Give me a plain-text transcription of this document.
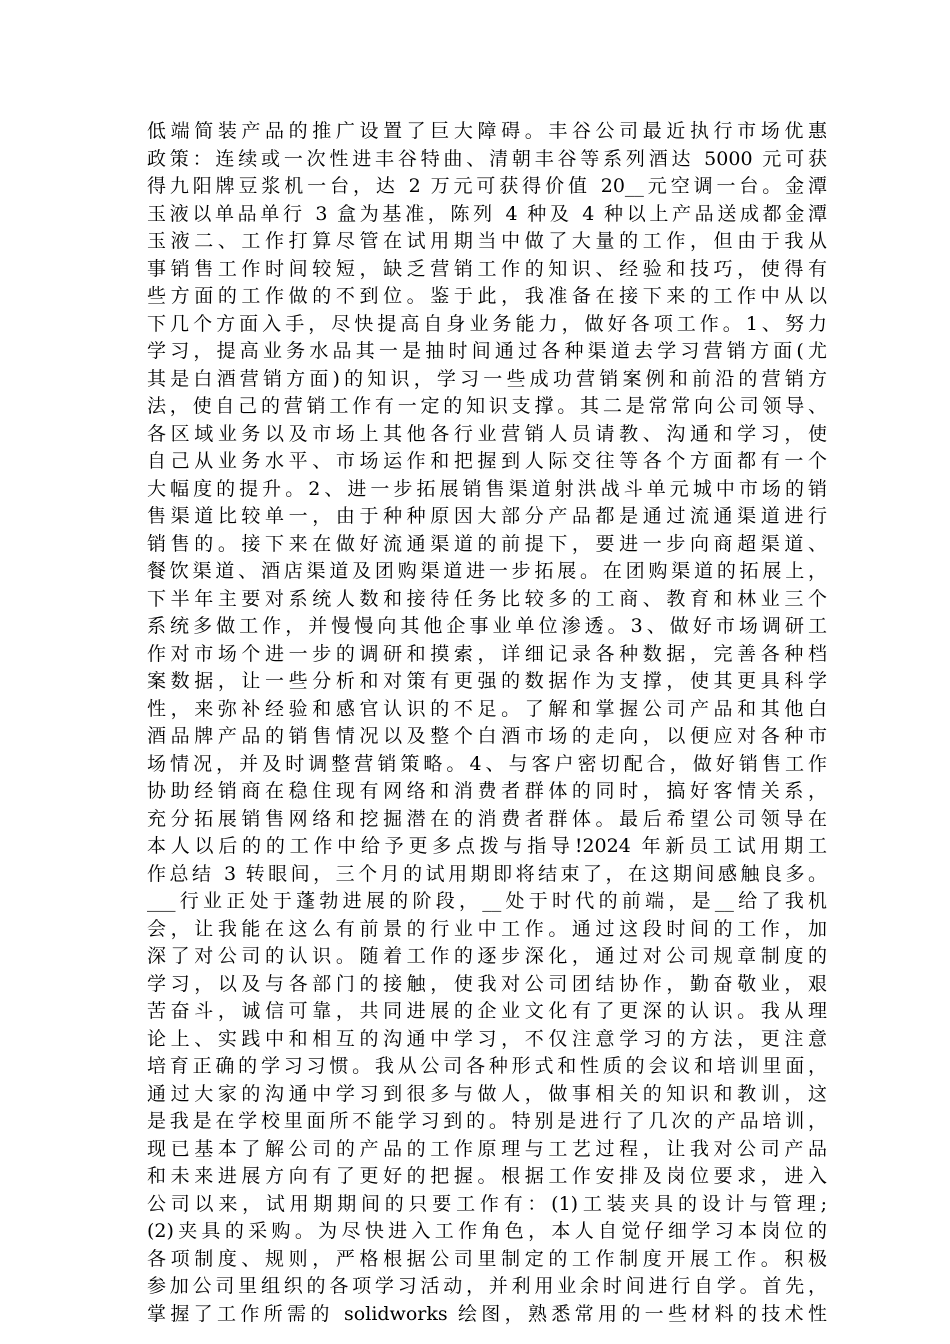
低端简装产品的推广设置了巨大障碍。丰谷公司最近执行市场优惠
政策：连续或一次性进丰谷特曲、清朝丰谷等系列酒达 5000 元可获
得九阳牌豆浆机一台，达 2 万元可获得价值 20__元空调一台。金潭
玉液以单品单行 3 盒为基准，陈列 4 种及 4 种以上产品送成都金潭
玉液二、工作打算尽管在试用期当中做了大量的工作，但由于我从
事销售工作时间较短，缺乏营销工作的知识、经验和技巧，使得有
些方面的工作做的不到位。鉴于此，我准备在接下来的工作中从以
下几个方面入手，尽快提高自身业务能力，做好各项工作。1、努力
学习，提高业务水品其一是抽时间通过各种渠道去学习营销方面(尤
其是白酒营销方面)的知识，学习一些成功营销案例和前沿的营销方
法，使自己的营销工作有一定的知识支撑。其二是常常向公司领导、
各区域业务以及市场上其他各行业营销人员请教、沟通和学习，使
自己从业务水平、市场运作和把握到人际交往等各个方面都有一个
大幅度的提升。2、进一步拓展销售渠道射洪战斗单元城中市场的销
售渠道比较单一，由于种种原因大部分产品都是通过流通渠道进行
销售的。接下来在做好流通渠道的前提下，要进一步向商超渠道、
餐饮渠道、酒店渠道及团购渠道进一步拓展。在团购渠道的拓展上，
下半年主要对系统人数和接待任务比较多的工商、教育和林业三个
系统多做工作，并慢慢向其他企事业单位渗透。3、做好市场调研工
作对市场个进一步的调研和摸索，详细记录各种数据，完善各种档
案数据，让一些分析和对策有更强的数据作为支撑，使其更具科学
性，来弥补经验和感官认识的不足。了解和掌握公司产品和其他白
酒品牌产品的销售情况以及整个白酒市场的走向，以便应对各种市
场情况，并及时调整营销策略。4、与客户密切配合，做好销售工作
协助经销商在稳住现有网络和消费者群体的同时，搞好客情关系，
充分拓展销售网络和挖掘潜在的消费者群体。最后希望公司领导在
本人以后的的工作中给予更多点拨与指导!2024 年新员工试用期工
作总结 3 转眼间，三个月的试用期即将结束了，在这期间感触良多。
___行业正处于蓬勃进展的阶段，__处于时代的前端，是__给了我机
会，让我能在这么有前景的行业中工作。通过这段时间的工作，加
深了对公司的认识。随着工作的逐步深化，通过对公司规章制度的
学习，以及与各部门的接触，使我对公司团结协作，勤奋敬业，艰
苦奋斗，诚信可靠，共同进展的企业文化有了更深的认识。我从理
论上、实践中和相互的沟通中学习，不仅注意学习的方法，更注意
培育正确的学习习惯。我从公司各种形式和性质的会议和培训里面，
通过大家的沟通中学习到很多与做人，做事相关的知识和教训，这
是我是在学校里面所不能学习到的。特别是进行了几次的产品培训，
现已基本了解公司的产品的工作原理与工艺过程，让我对公司产品
和未来进展方向有了更好的把握。根据工作安排及岗位要求，进入
公司以来，试用期期间的只要工作有：(1)工装夹具的设计与管理;
(2)夹具的采购。为尽快进入工作角色，本人自觉仔细学习本岗位的
各项制度、规则，严格根据公司里制定的工作制度开展工作。积极
参加公司里组织的各项学习活动，并利用业余时间进行自学。首先，
掌握了工作所需的 solidworks 绘图，熟悉常用的一些材料的技术性
